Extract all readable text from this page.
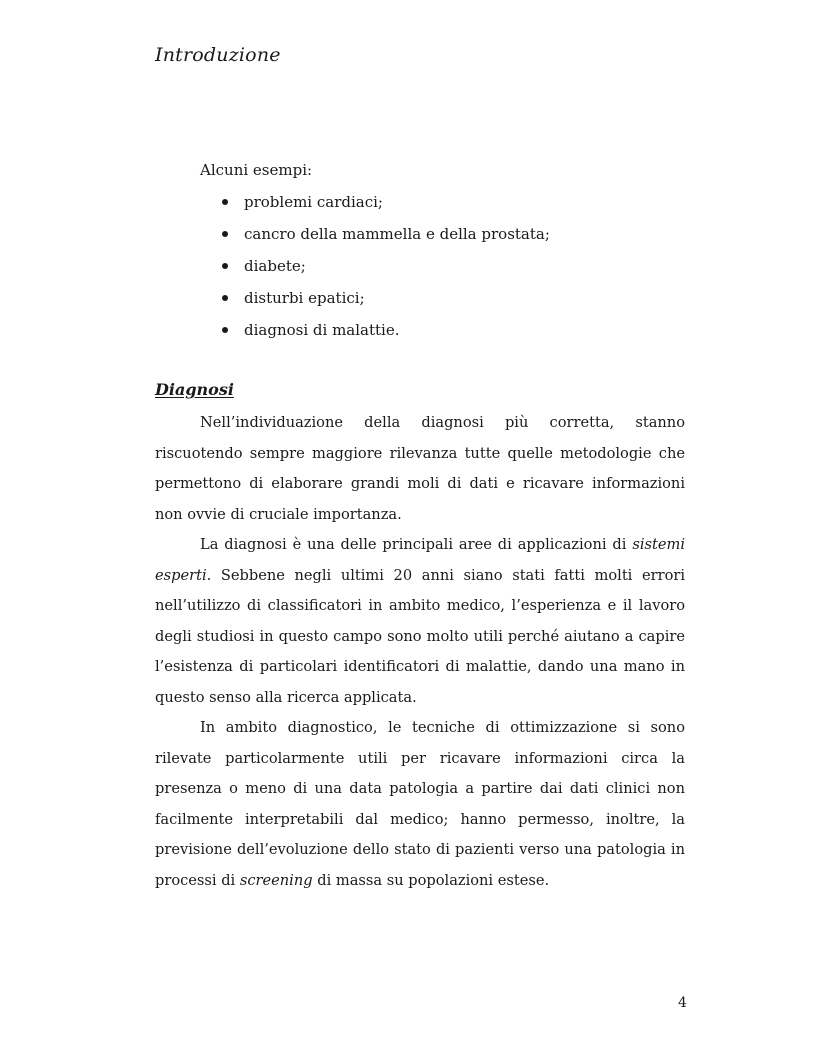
Introduzione
Alcuni esempi:
problemi cardiaci;
cancro della mammella e della prostata;
diabete;
disturbi epatici;
diagnosi di malattie.
Diagnosi

Nell’individuazione della diagnosi più corretta, stanno riscuotendo sempre maggiore rilevanza tutte quelle metodologie che permettono di elaborare grandi moli di dati e ricavare informazioni non ovvie di cruciale importanza.

La diagnosi è una delle principali aree di applicazioni di sistemi esperti. Sebbene negli ultimi 20 anni siano stati fatti molti errori nell’utilizzo di classificatori in ambito medico, l’esperienza e il lavoro degli studiosi in questo campo sono molto utili perché aiutano a capire l’esistenza di particolari identificatori di malattie, dando una mano in questo senso alla ricerca applicata.

In ambito diagnostico, le tecniche di ottimizzazione si sono rilevate particolarmente utili per ricavare informazioni circa la presenza o meno di una data patologia a partire dai dati clinici non facilmente interpretabili dal medico; hanno permesso, inoltre, la previsione dell’evoluzione dello stato di pazienti verso una patologia in processi di screening di massa su popolazioni estese.

4
